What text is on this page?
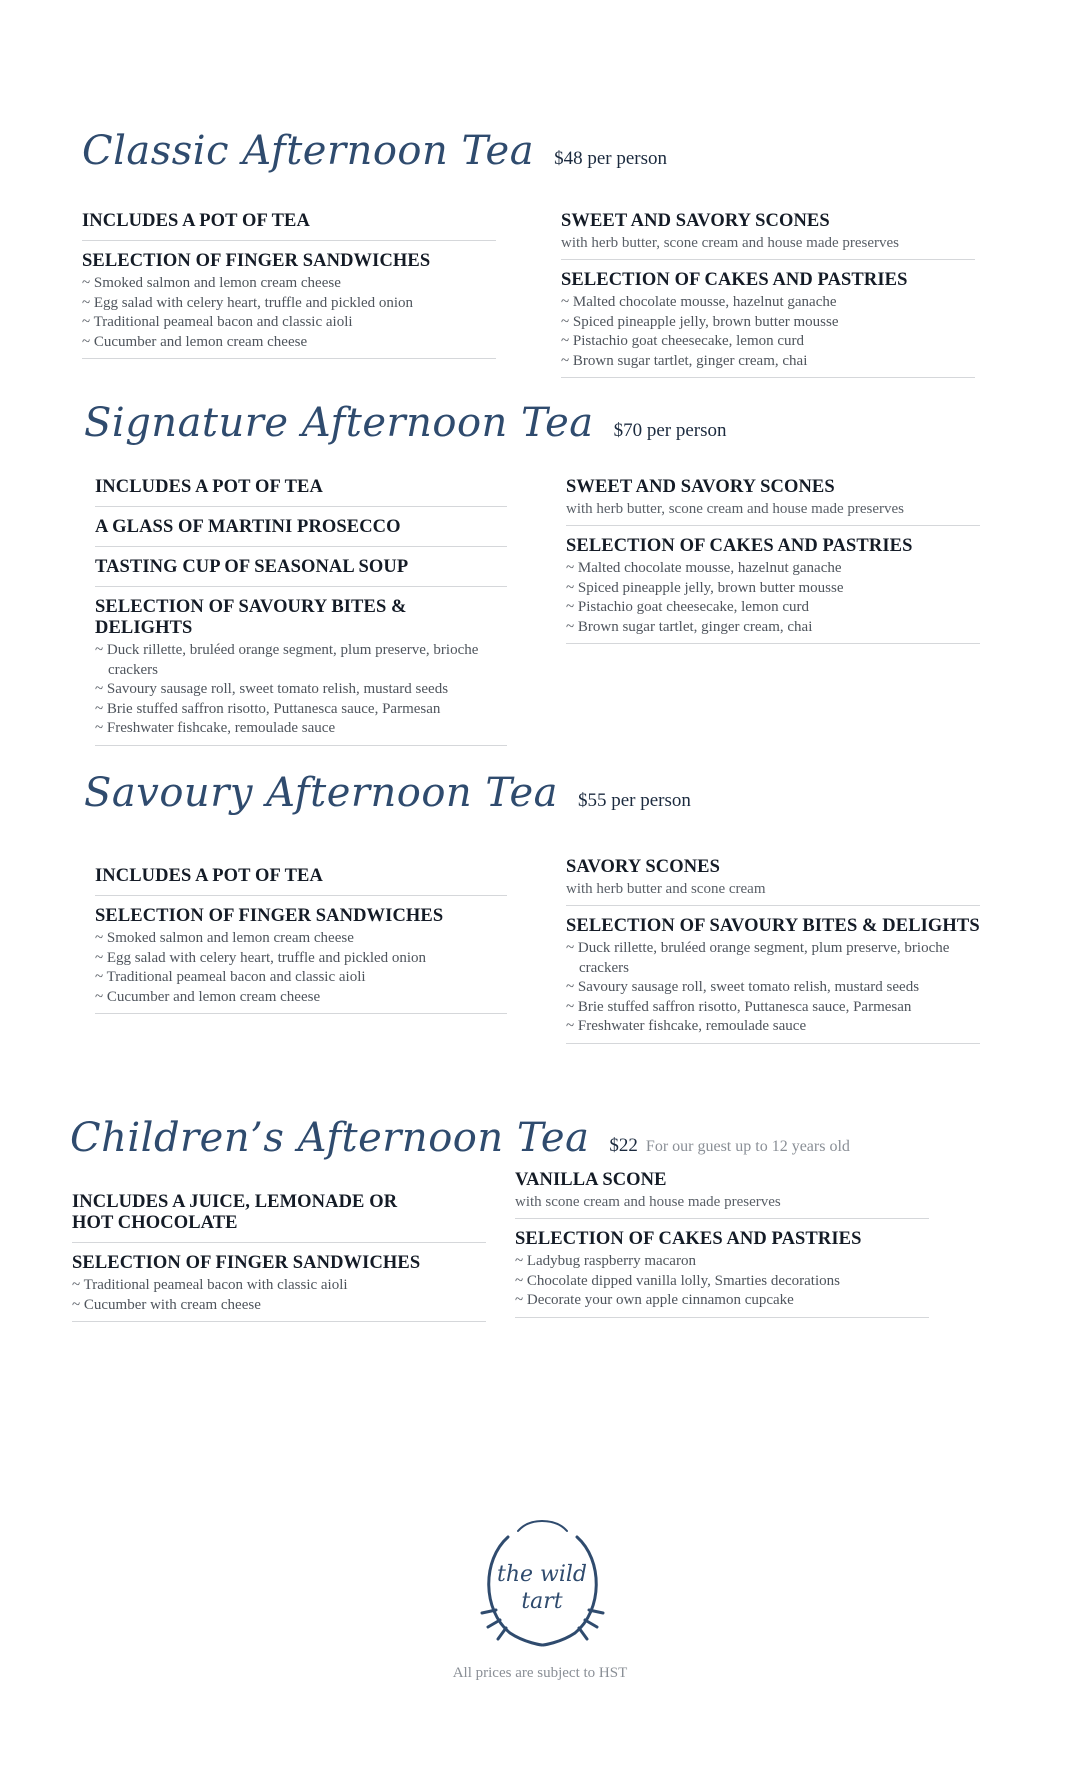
Classic Afternoon Tea $48 per person
INCLUDES A POT OF TEA
SELECTION OF FINGER SANDWICHES
~ Smoked salmon and lemon cream cheese
~ Egg salad with celery heart, truffle and pickled onion
~ Traditional peameal bacon and classic aioli
~ Cucumber and lemon cream cheese
SWEET AND SAVORY SCONES
with herb butter, scone cream and house made preserves
SELECTION OF CAKES AND PASTRIES
~ Malted chocolate mousse, hazelnut ganache
~ Spiced pineapple jelly, brown butter mousse
~ Pistachio goat cheesecake, lemon curd
~ Brown sugar tartlet, ginger cream, chai
Signature Afternoon Tea $70 per person
INCLUDES A POT OF TEA
A GLASS OF MARTINI PROSECCO
TASTING CUP OF SEASONAL SOUP
SELECTION OF SAVOURY BITES & DELIGHTS
~ Duck rillette, bruléed orange segment, plum preserve, brioche crackers
~ Savoury sausage roll, sweet tomato relish, mustard seeds
~ Brie stuffed saffron risotto, Puttanesca sauce, Parmesan
~ Freshwater fishcake, remoulade sauce
SWEET AND SAVORY SCONES
with herb butter, scone cream and house made preserves
SELECTION OF CAKES AND PASTRIES
~ Malted chocolate mousse, hazelnut ganache
~ Spiced pineapple jelly, brown butter mousse
~ Pistachio goat cheesecake, lemon curd
~ Brown sugar tartlet, ginger cream, chai
Savoury Afternoon Tea $55 per person
INCLUDES A POT OF TEA
SELECTION OF FINGER SANDWICHES
~ Smoked salmon and lemon cream cheese
~ Egg salad with celery heart, truffle and pickled onion
~ Traditional peameal bacon and classic aioli
~ Cucumber and lemon cream cheese
SAVORY SCONES
with herb butter and scone cream
SELECTION OF SAVOURY BITES & DELIGHTS
~ Duck rillette, bruléed orange segment, plum preserve, brioche crackers
~ Savoury sausage roll, sweet tomato relish, mustard seeds
~ Brie stuffed saffron risotto, Puttanesca sauce, Parmesan
~ Freshwater fishcake, remoulade sauce
Children’s Afternoon Tea $22 For our guest up to 12 years old
INCLUDES A JUICE, LEMONADE OR HOT CHOCOLATE
SELECTION OF FINGER SANDWICHES
~ Traditional peameal bacon with classic aioli
~ Cucumber with cream cheese
VANILLA SCONE
with scone cream and house made preserves
SELECTION OF CAKES AND PASTRIES
~ Ladybug raspberry macaron
~ Chocolate dipped vanilla lolly, Smarties decorations
~ Decorate your own apple cinnamon cupcake
the wild
tart
All prices are subject to HST
